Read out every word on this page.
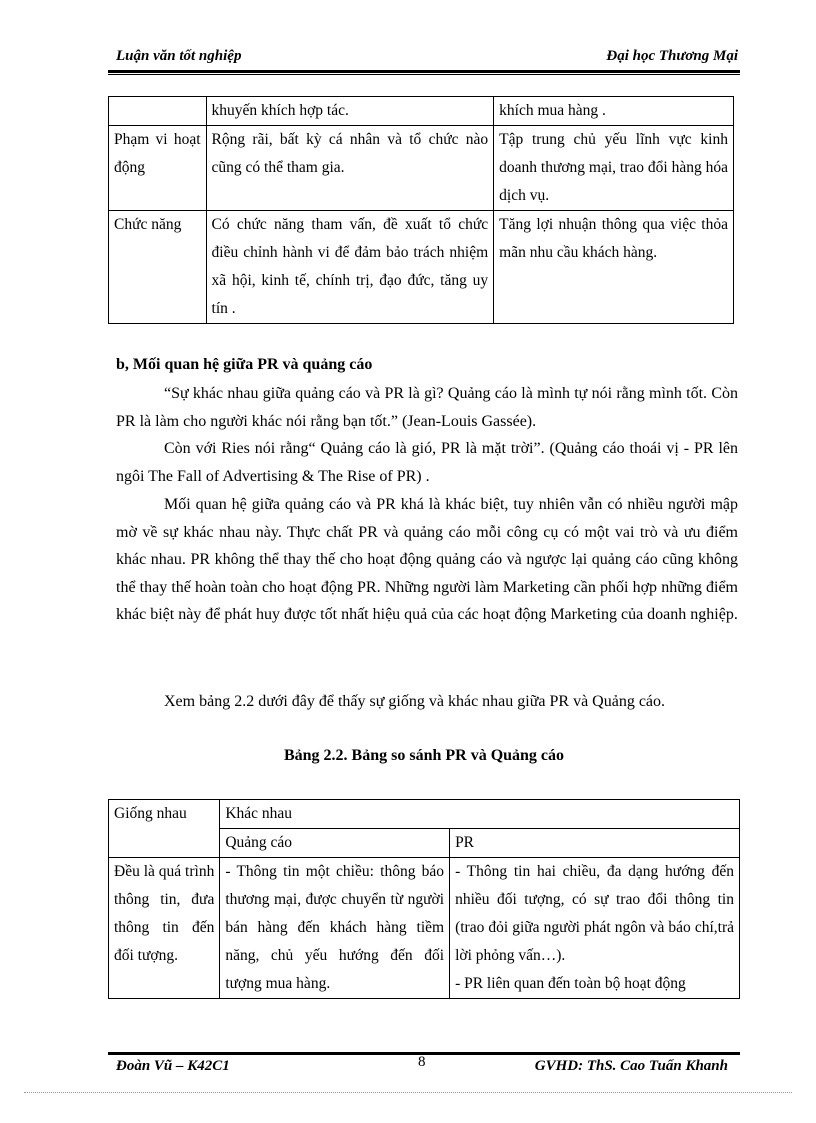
Luận văn tốt nghiệp	Đại học Thương Mại
	khuyến khích hợp tác.	khích mua hàng .
Phạm vi hoạt động	Rộng rãi, bất kỳ cá nhân và tổ chức nào cũng có thể tham gia.	Tập trung chủ yếu lĩnh vực kinh doanh thương mại, trao đổi hàng hóa dịch vụ.
Chức năng	Có chức năng tham vấn, đề xuất tổ chức điều chỉnh hành vi để đảm bảo trách nhiệm xã hội, kinh tế, chính trị, đạo đức, tăng uy tín .	Tăng lợi nhuận thông qua việc thỏa mãn nhu cầu khách hàng.
b, Mối quan hệ giữa PR và quảng cáo

“Sự khác nhau giữa quảng cáo và PR là gì? Quảng cáo là mình tự nói rằng mình tốt. Còn PR là làm cho người khác nói rằng bạn tốt.” (Jean-Louis Gassée).

Còn với Ries nói rằng“ Quảng cáo là gió, PR là mặt trời”. (Quảng cáo thoái vị - PR lên ngôi The Fall of Advertising & The Rise of PR) .

Mối quan hệ giữa quảng cáo và PR khá là khác biệt, tuy nhiên vẫn có nhiều người mập mờ về sự khác nhau này. Thực chất PR và quảng cáo mỗi công cụ có một vai trò và ưu điểm khác nhau. PR không thể thay thế cho hoạt động quảng cáo và ngược lại quảng cáo cũng không thể thay thế hoàn toàn cho hoạt động PR. Những người làm Marketing cần phối hợp những điểm khác biệt này để phát huy được tốt nhất hiệu quả của các hoạt động Marketing của doanh nghiệp.

Xem bảng 2.2 dưới đây để thấy sự giống và khác nhau giữa PR và Quảng cáo.

Bảng 2.2. Bảng so sánh PR và Quảng cáo
Giống nhau	Khác nhau	
	Quảng cáo	PR
Đều là quá trình thông tin, đưa thông tin đến đối tượng.	- Thông tin một chiều: thông báo thương mại, được chuyển từ người bán hàng đến khách hàng tiềm năng, chủ yếu hướng đến đối tượng mua hàng.	- Thông tin hai chiều, đa dạng hướng đến nhiều đối tượng, có sự trao đổi thông tin (trao đỏi giữa người phát ngôn và báo chí,trả lời phỏng vấn…).
- PR liên quan đến toàn bộ hoạt động
Đoàn Vũ – K42C1	8	GVHD: ThS. Cao Tuấn Khanh
